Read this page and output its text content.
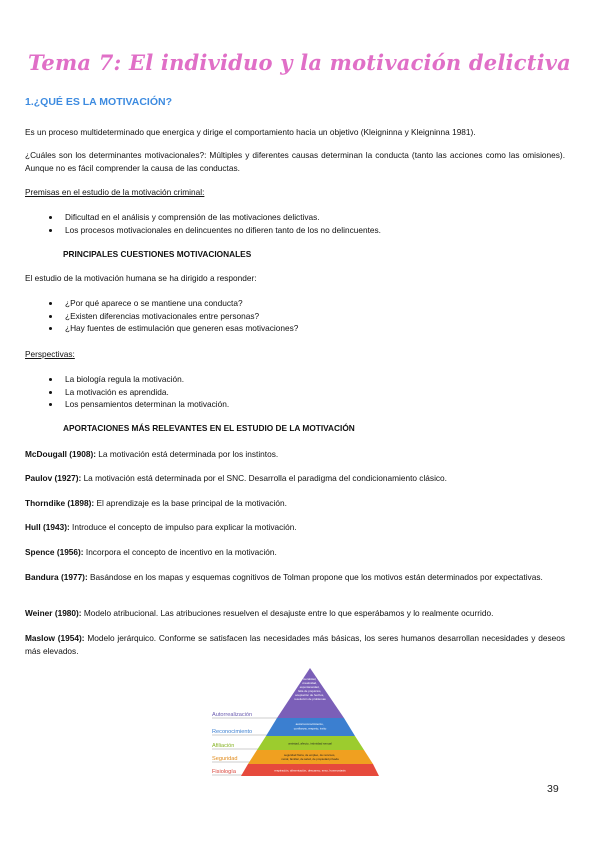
Tema 7: El individuo y la motivación delictiva
1.¿QUÉ ES LA MOTIVACIÓN?
Es un proceso multideterminado que energica y dirige el comportamiento hacia un objetivo (Kleigninna y Kleigninna 1981).
¿Cuáles son los determinantes motivacionales?: Múltiples y diferentes causas determinan la conducta (tanto las acciones como las omisiones). Aunque no es fácil comprender la causa de las conductas.
Premisas en el estudio de la motivación criminal:
• Dificultad en el análisis y comprensión de las motivaciones delictivas.
• Los procesos motivacionales en delincuentes no difieren tanto de los no delincuentes.
PRINCIPALES CUESTIONES MOTIVACIONALES
El estudio de la motivación humana se ha dirigido a responder:
• ¿Por qué aparece o se mantiene una conducta?
• ¿Existen diferencias motivacionales entre personas?
• ¿Hay fuentes de estimulación que generen esas motivaciones?
Perspectivas:
• La biología regula la motivación.
• La motivación es aprendida.
• Los pensamientos determinan la motivación.
APORTACIONES MÁS RELEVANTES EN EL ESTUDIO DE LA MOTIVACIÓN
McDougall (1908): La motivación está determinada por los instintos.
Paulov (1927): La motivación está determinada por el SNC. Desarrolla el paradigma del condicionamiento clásico.
Thorndike (1898): El aprendizaje es la base principal de la motivación.
Hull (1943): Introduce el concepto de impulso para explicar la motivación.
Spence (1956): Incorpora el concepto de incentivo en la motivación.
Bandura (1977): Basándose en los mapas y esquemas cognitivos de Tolman propone que los motivos están determinados por expectativas.
Weiner (1980): Modelo atribucional. Las atribuciones resuelven el desajuste entre lo que esperábamos y lo realmente ocurrido.
Maslow (1954): Modelo jerárquico. Conforme se satisfacen las necesidades más básicas, los seres humanos desarrollan necesidades y deseos más elevados.
Autorrealización
Reconocimiento
Afiliación
Seguridad
Fisiología
moralidad, creatividad, espontaneidad, falta de prejuicios, aceptación de hechos, resolución de problemas
autorreconocimiento, confianza, respeto, éxito
amistad, afecto, intimidad sexual
seguridad física, de empleo, de recursos, moral, familiar, de salud, de propiedad privada
respiración, alimentación, descanso, sexo, homeostasis
39
